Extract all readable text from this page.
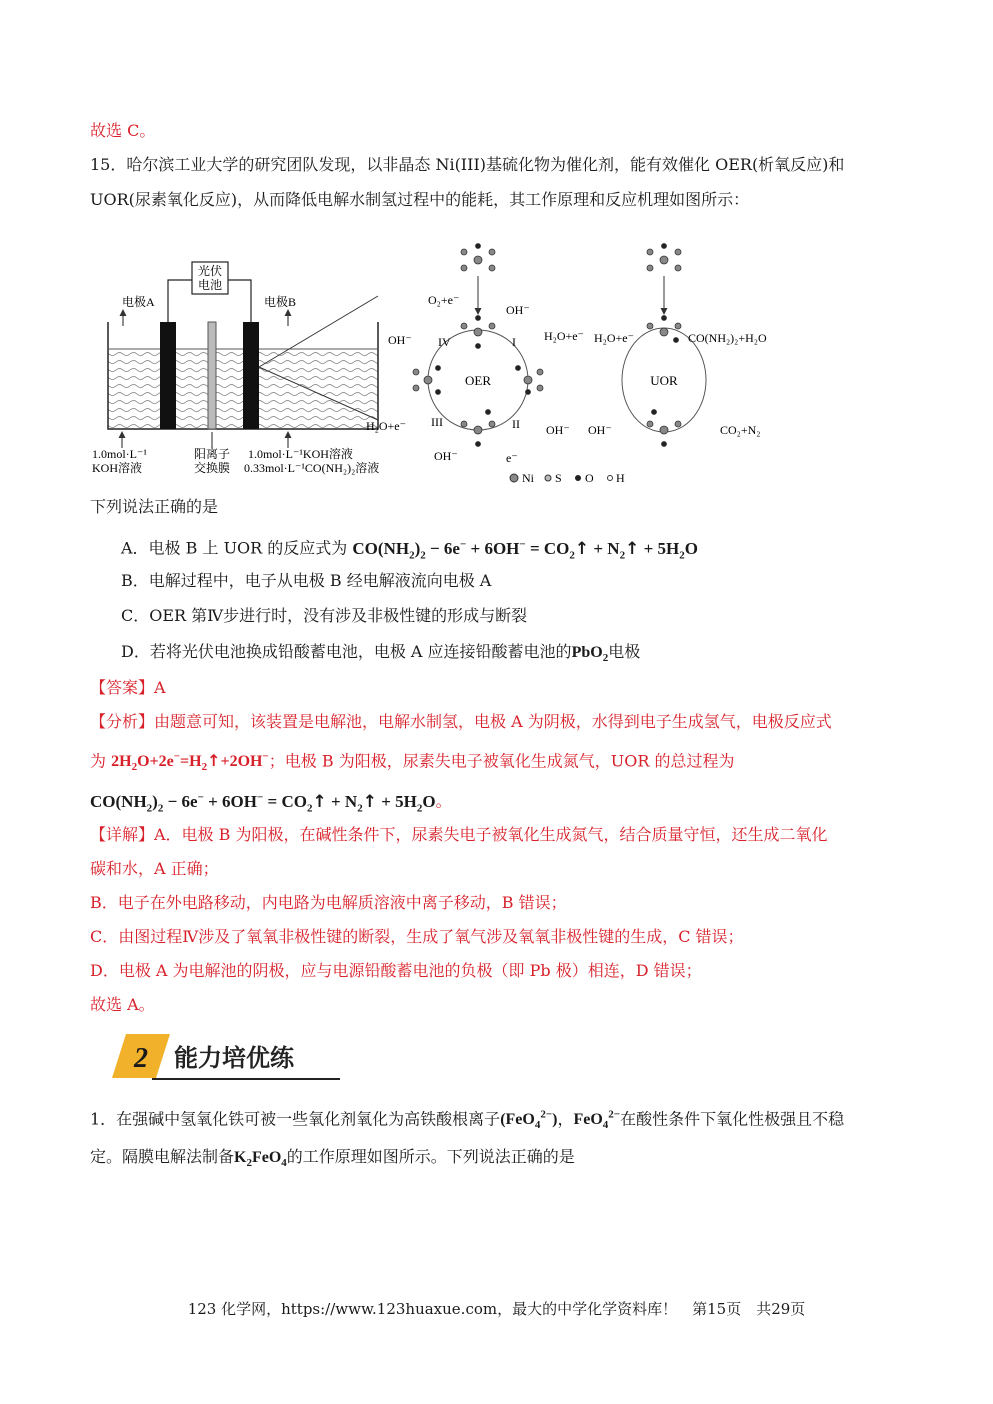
故选 C。
15．哈尔滨工业大学的研究团队发现，以非晶态 Ni(III)基硫化物为催化剂，能有效催化 OER(析氧反应)和
UOR(尿素氧化反应)，从而降低电解水制氢过程中的能耗，其工作原理和反应机理如图所示：
光伏
电池
电极A	电极B
1.0mol·L⁻¹
KOH溶液
阳离子
交换膜
1.0mol·L⁻¹KOH溶液
0.33mol·L⁻¹CO(NH₂)₂溶液
OER
O₂+e⁻
OH⁻
OH⁻
H₂O+e⁻
H₂O+e⁻	OH⁻
OH⁻	e⁻
IV	I
II
III
UOR
H₂O+e⁻	CO(NH₂)₂+H₂O
OH⁻	CO₂+N₂
Ni S O H
下列说法正确的是
A．电极 B 上 UOR 的反应式为 $CO(NH_2)_2 - 6e^- + 6OH^-$ = $CO_2↑$ + $N_2↑ + 5H_2O$
B．电解过程中，电子从电极 B 经电解液流向电极 A
C．OER 第Ⅳ步进行时，没有涉及非极性键的形成与断裂
D．若将光伏电池换成铅酸蓄电池，电极 A 应连接铅酸蓄电池的PbO$_2$电极
【答案】A
【分析】由题意可知，该装置是电解池，电解水制氢，电极 A 为阴极，水得到电子生成氢气，电极反应式
为 $2H_2O+2e^-=H_2↑+2OH^-$；电极 B 为阳极，尿素失电子被氧化生成氮气，UOR 的总过程为
$CO(NH_2)_2 - 6e^- + 6OH^-$ = $CO_2↑$ + $N_2↑ + 5H_2O$。
【详解】A．电极 B 为阳极，在碱性条件下，尿素失电子被氧化生成氮气，结合质量守恒，还生成二氧化
碳和水，A 正确；
B．电子在外电路移动，内电路为电解质溶液中离子移动，B 错误；
C．由图过程Ⅳ涉及了氧氧非极性键的断裂，生成了氧气涉及氧氧非极性键的生成，C 错误；
D．电极 A 为电解池的阴极，应与电源铅酸蓄电池的负极（即 Pb 极）相连，D 错误；
故选 A。
2 能力培优练
1．在强碱中氢氧化铁可被一些氧化剂氧化为高铁酸根离子(FeO$_4^{2-}$)，FeO$_4^{2-}$在酸性条件下氧化性极强且不稳
定。隔膜电解法制备$K_2FeO_4$的工作原理如图所示。下列说法正确的是
123 化学网，https://www.123huaxue.com，最大的中学化学资料库！　第15页　共29页
